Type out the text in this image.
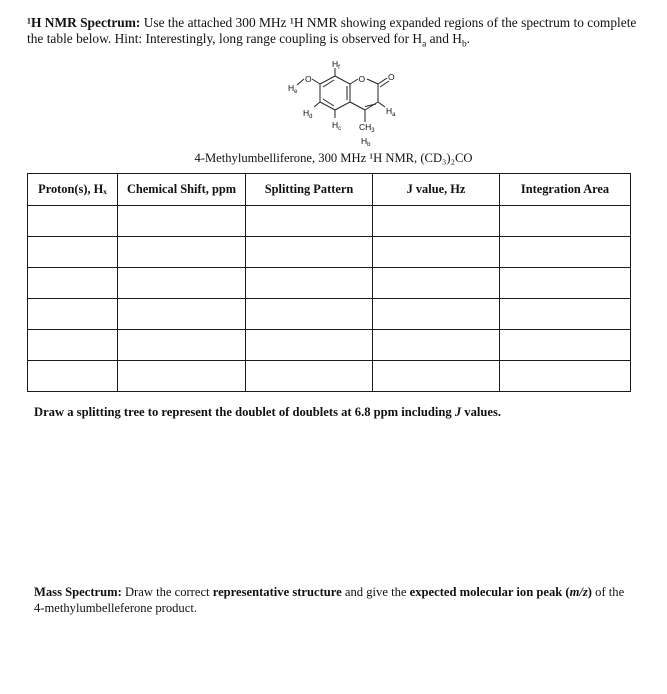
¹H NMR Spectrum: Use the attached 300 MHz ¹H NMR showing expanded regions of the spectrum to complete the table below. Hint: Interestingly, long range coupling is observed for $H_a$ and $H_b$.
$H_f$
$H_e$
O
$H_d$
O	O
$H_a$
$H_c$ $CH_3$
$H_b$
4-Methylumbelliferone, 300 MHz ¹H NMR, (CD₃)₂CO
Proton(s), Hₓ	Chemical Shift, ppm	Splitting Pattern	J value, Hz	Integration Area

Draw a splitting tree to represent the doublet of doublets at 6.8 ppm including J values.
Mass Spectrum: Draw the correct representative structure and give the expected molecular ion peak (m/z) of the 4-methylumbelleferone product.
